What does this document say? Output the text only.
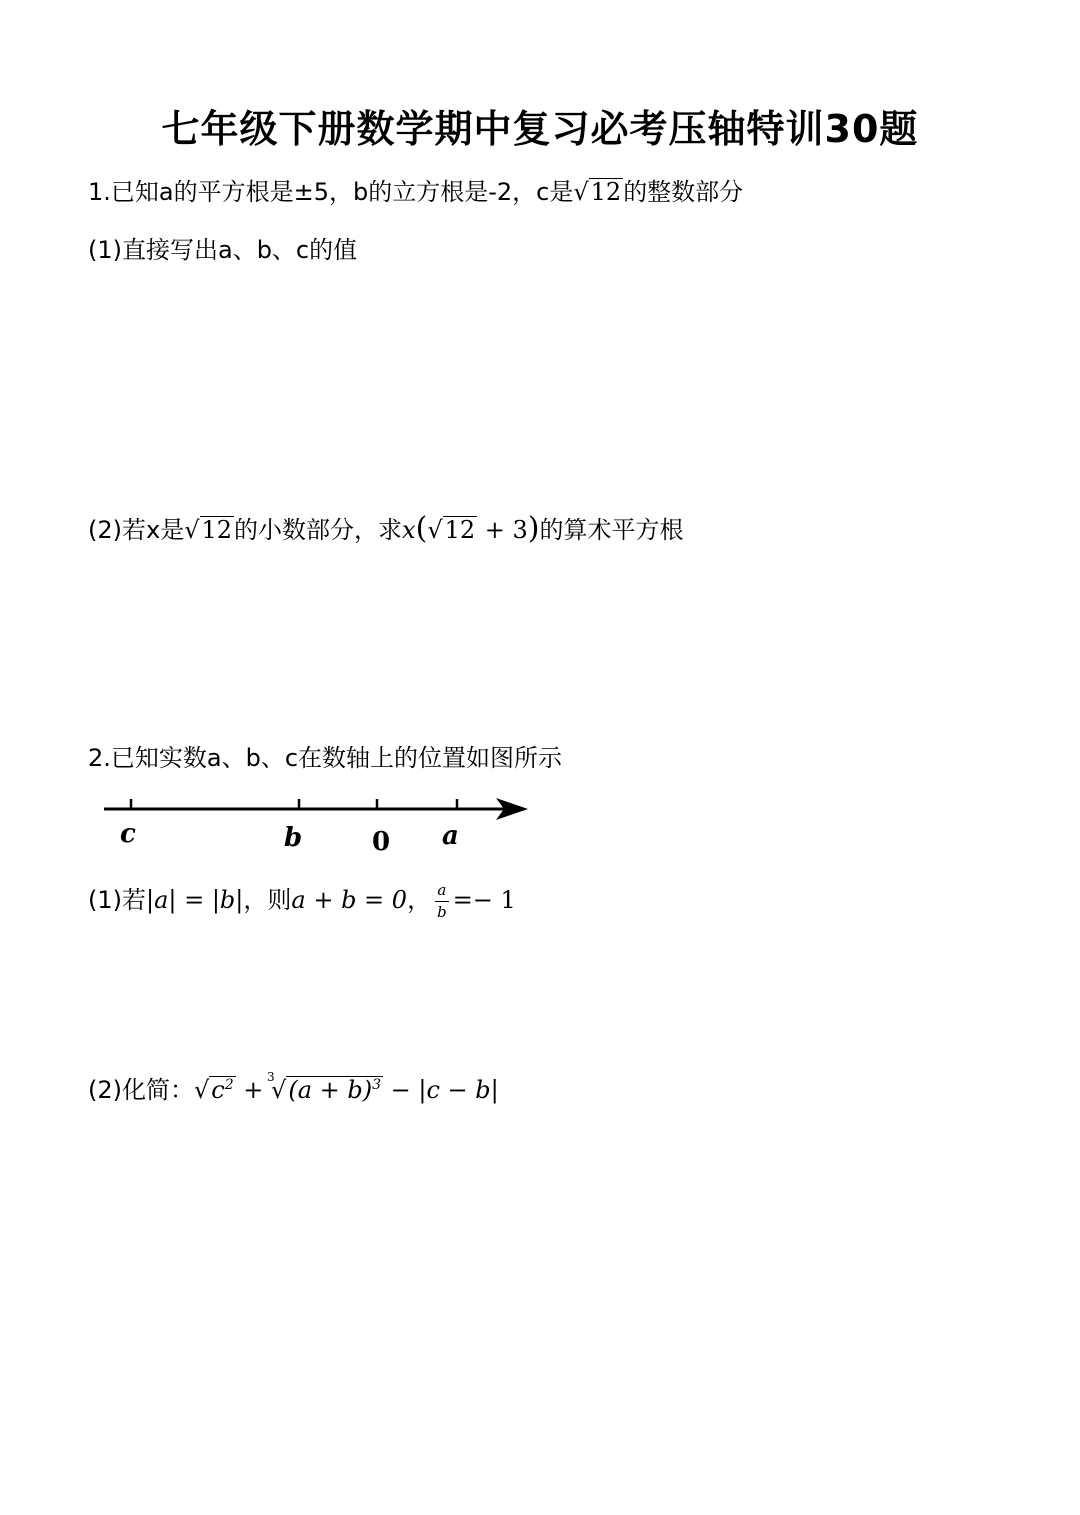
七年级下册数学期中复习必考压轴特训30题
1.已知a的平方根是±5，b的立方根是-2，c是√12的整数部分
(1)直接写出a、b、c的值
(2)若x是√12的小数部分，求x(√12 + 3)的算术平方根
2.已知实数a、b、c在数轴上的位置如图所示
c	b	0 a
(1)若|a| = |b|，则a + b = 0， $\frac{a}{b} =- 1$
(2)化简：$√c^2$ +
3
$√(a + b)^3 - |c - b|$
